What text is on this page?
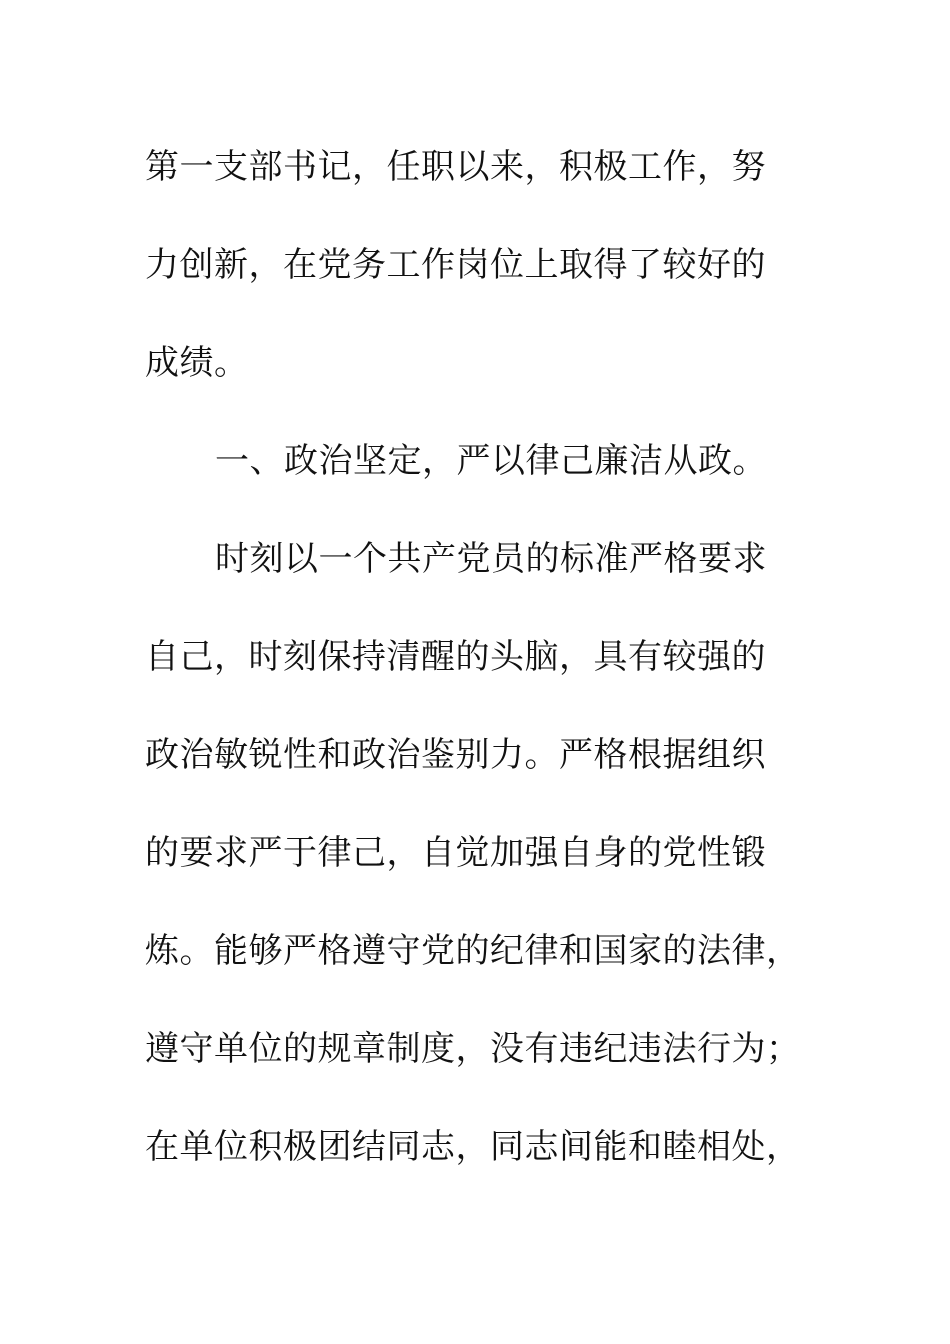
第一支部书记，任职以来，积极工作，努
力创新，在党务工作岗位上取得了较好的
成绩。
一、政治坚定，严以律己廉洁从政。
时刻以一个共产党员的标准严格要求
自己，时刻保持清醒的头脑，具有较强的
政治敏锐性和政治鉴别力。严格根据组织
的要求严于律己，自觉加强自身的党性锻
炼。能够严格遵守党的纪律和国家的法律，
遵守单位的规章制度，没有违纪违法行为；
在单位积极团结同志，同志间能和睦相处，
